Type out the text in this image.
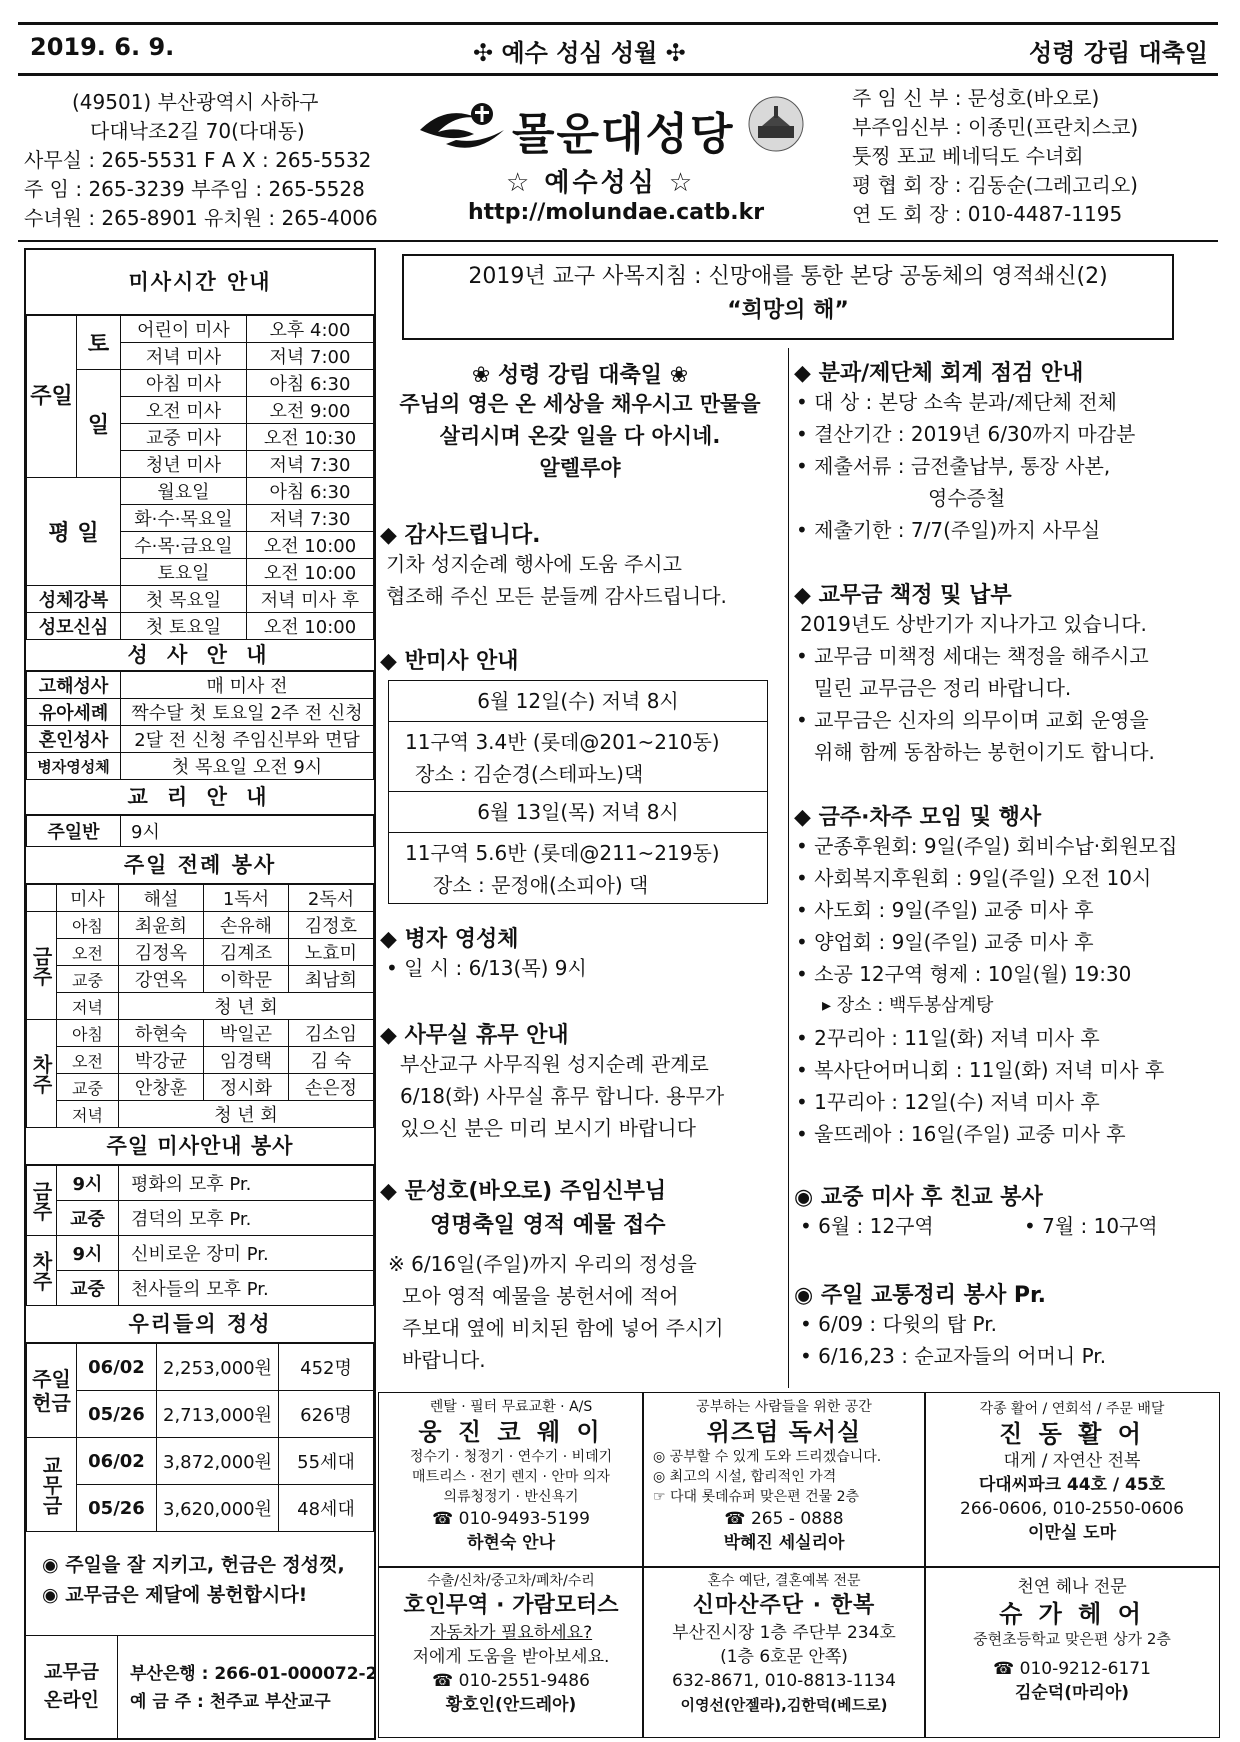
2019. 6. 9.	✣ 예수 성심 성월 ✣	성령 강림 대축일
(49501) 부산광역시 사하구
다대낙조2길 70(다대동)
사무실 : 265-5531 F A X : 265-5532
주 임 : 265-3239 부주임 : 265-5528
수녀원 : 265-8901 유치원 : 265-4006
몰운대성당
☆ 예수성심 ☆
http://molundae.catb.kr
주 임 신 부 : 문성호(바오로)
부주임신부 : 이종민(프란치스코)
툿찡 포교 베네딕도 수녀회
평 협 회 장 : 김동순(그레고리오)
연 도 회 장 : 010-4487-1195
미사시간 안내
주일	토	어린이 미사	오후 4:00
		저녁 미사	저녁 7:00
	일	아침 미사	아침 6:30
		오전 미사	오전 9:00
		교중 미사	오전 10:30
		청년 미사	저녁 7:30
평 일		월요일	아침 6:30
		화·수·목요일	저녁 7:30
		수·목·금요일	오전 10:00
		토요일	오전 10:00
성체강복		첫 목요일	저녁 미사 후
성모신심		첫 토요일	오전 10:00
성 사 안 내
고해성사	매 미사 전
유아세례	짝수달 첫 토요일 2주 전 신청
혼인성사	2달 전 신청 주임신부와 면담
병자영성체	첫 목요일 오전 9시
교 리 안 내
주일반	9시
주일 전례 봉사
	미사	해설	1독서	2독서
금주	아침	최윤희	손유해	김정호
	오전	김정옥	김계조	노효미
	교중	강연옥	이학문	최남희
	저녁	청 년 회		
차주	아침	하현숙	박일곤	김소임
	오전	박강균	임경택	김 숙
	교중	안창훈	정시화	손은정
	저녁	청 년 회		
주일 미사안내 봉사
금주	9시	평화의 모후 Pr.
	교중	겸덕의 모후 Pr.
차주	9시	신비로운 장미 Pr.
	교중	천사들의 모후 Pr.
우리들의 정성
주일헌금	06/02	2,253,000원	452명
	05/26	2,713,000원	626명
교무금	06/02	3,872,000원	55세대
	05/26	3,620,000원	48세대
◉ 주일을 잘 지키고, 헌금은 정성껏,
◉ 교무금은 제달에 봉헌합시다!
교무금
온라인
부산은행 : 266-01-000072-2
예 금 주 : 천주교 부산교구
2019년 교구 사목지침 : 신망애를 통한 본당 공동체의 영적쇄신(2)
“희망의 해”
❀ 성령 강림 대축일 ❀
주님의 영은 온 세상을 채우시고 만물을
살리시며 온갖 일을 다 아시네.
알렐루야
◆ 감사드립니다.
기차 성지순례 행사에 도움 주시고
협조해 주신 모든 분들께 감사드립니다.
◆ 반미사 안내
6월 12일(수) 저녁 8시
11구역 3.4반 (롯데@201~210동)
장소 : 김순경(스테파노)댁
6월 13일(목) 저녁 8시
11구역 5.6반 (롯데@211~219동)
장소 : 문정애(소피아) 댁
◆ 병자 영성체
• 일 시 : 6/13(목) 9시
◆ 사무실 휴무 안내
부산교구 사무직원 성지순례 관계로
6/18(화) 사무실 휴무 합니다. 용무가
있으신 분은 미리 보시기 바랍니다
◆ 문성호(바오로) 주임신부님
영명축일 영적 예물 접수
※ 6/16일(주일)까지 우리의 정성을
모아 영적 예물을 봉헌서에 적어
주보대 옆에 비치된 함에 넣어 주시기
바랍니다.
◆ 분과/제단체 회계 점검 안내
• 대 상 : 본당 소속 분과/제단체 전체
• 결산기간 : 2019년 6/30까지 마감분
• 제출서류 : 금전출납부, 통장 사본,
영수증철
• 제출기한 : 7/7(주일)까지 사무실
◆ 교무금 책정 및 납부
2019년도 상반기가 지나가고 있습니다.
• 교무금 미책정 세대는 책정을 해주시고
밀린 교무금은 정리 바랍니다.
• 교무금은 신자의 의무이며 교회 운영을
위해 함께 동참하는 봉헌이기도 합니다.
◆ 금주·차주 모임 및 행사
• 군종후원회: 9일(주일) 회비수납·회원모집
• 사회복지후원회 : 9일(주일) 오전 10시
• 사도회 : 9일(주일) 교중 미사 후
• 양업회 : 9일(주일) 교중 미사 후
• 소공 12구역 형제 : 10일(월) 19:30
▸ 장소 : 백두봉삼계탕
• 2꾸리아 : 11일(화) 저녁 미사 후
• 복사단어머니회 : 11일(화) 저녁 미사 후
• 1꾸리아 : 12일(수) 저녁 미사 후
• 울뜨레아 : 16일(주일) 교중 미사 후
◉ 교중 미사 후 친교 봉사
• 6월 : 12구역	• 7월 : 10구역
◉ 주일 교통정리 봉사 Pr.
• 6/09 : 다윗의 탑 Pr.
• 6/16,23 : 순교자들의 어머니 Pr.
렌탈 · 필터 무료교환 · A/S
웅 진 코 웨 이
정수기 · 청정기 · 연수기 · 비데기
매트리스 · 전기 렌지 · 안마 의자
의류청정기 · 반신욕기
☎ 010-9493-5199
하현숙 안나
공부하는 사람들을 위한 공간
위즈덤 독서실
◎ 공부할 수 있게 도와 드리겠습니다.
◎ 최고의 시설, 합리적인 가격
☞ 다대 롯데슈퍼 맞은편 건물 2층
☎ 265 - 0888
박혜진 세실리아
각종 활어 / 연회석 / 주문 배달
진 동 활 어
대게 / 자연산 전복
다대씨파크 44호 / 45호
266-0606, 010-2550-0606
이만실 도마
수출/신차/중고차/폐차/수리
호인무역 · 가람모터스
자동차가 필요하세요?
저에게 도움을 받아보세요.
☎ 010-2551-9486
황호인(안드레아)
혼수 예단, 결혼예복 전문
신마산주단 · 한복
부산진시장 1층 주단부 234호
(1층 6호문 안쪽)
632-8671, 010-8813-1134
이영선(안젤라),김한덕(베드로)
천연 헤나 전문
슈 가 헤 어
중현초등학교 맞은편 상가 2층
☎ 010-9212-6171
김순덕(마리아)
